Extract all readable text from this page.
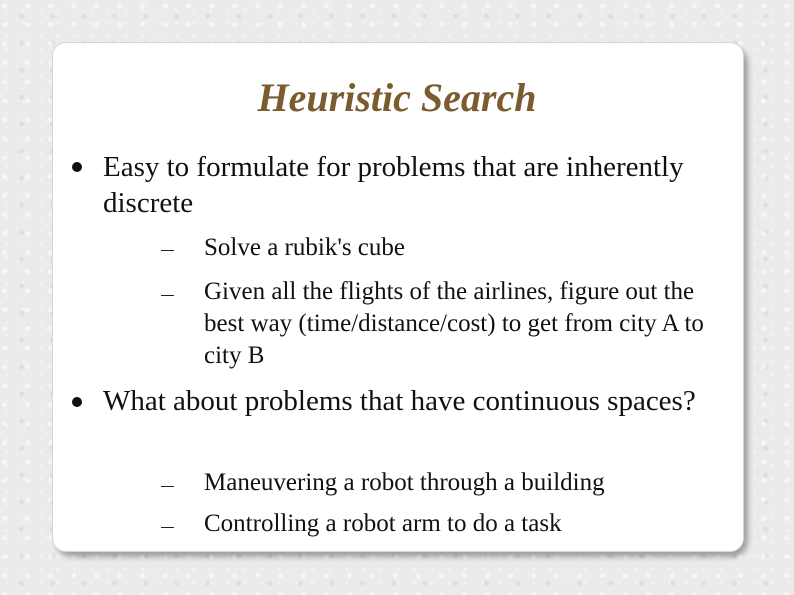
Heuristic Search
Easy to formulate for problems that are inherently discrete
Solve a rubik's cube
Given all the flights of the airlines, figure out the best way (time/distance/cost) to get from city A to city B
What about problems that have continuous spaces?
Maneuvering a robot through a building
Controlling a robot arm to do a task
